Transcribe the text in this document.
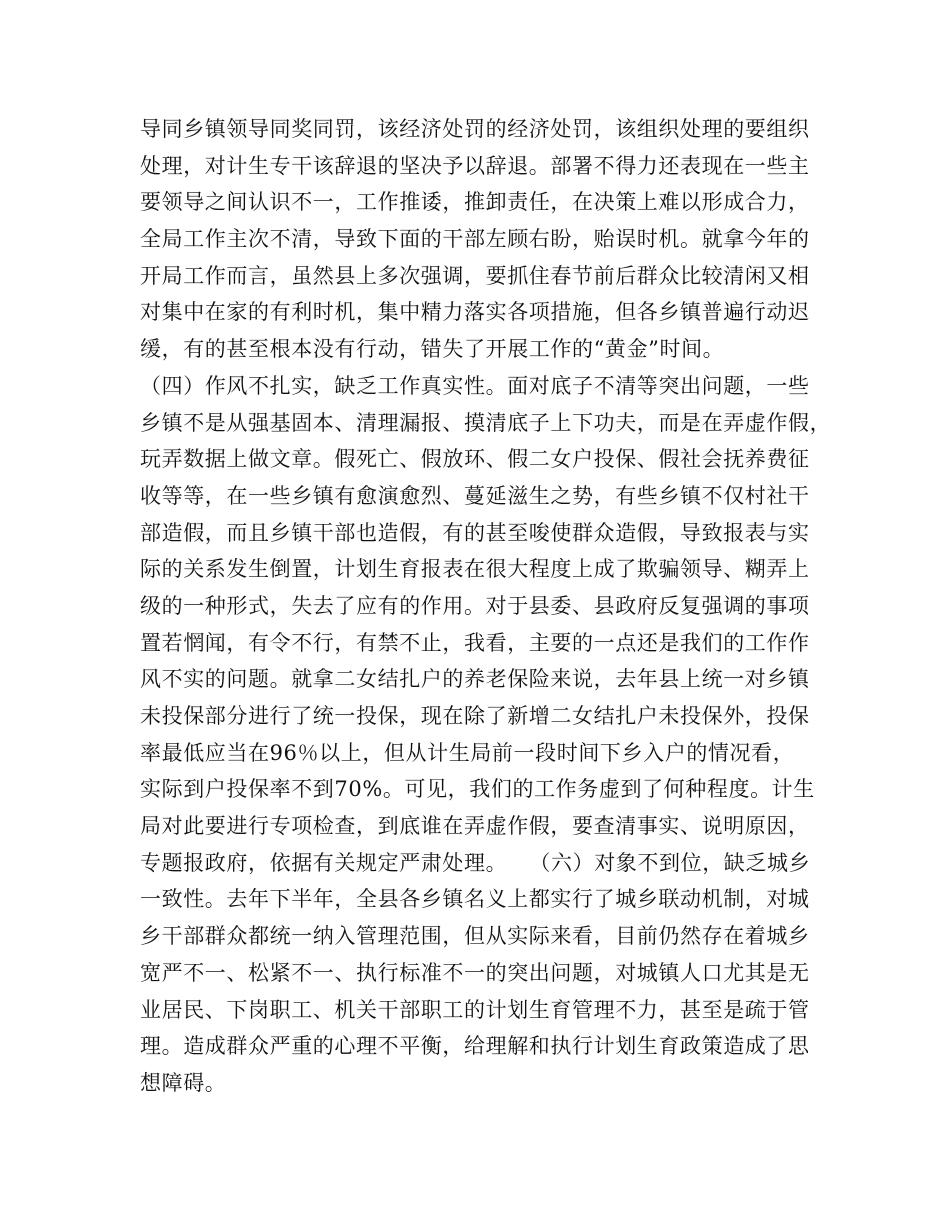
导同乡镇领导同奖同罚，该经济处罚的经济处罚，该组织处理的要组织
处理，对计生专干该辞退的坚决予以辞退。部署不得力还表现在一些主
要领导之间认识不一，工作推诿，推卸责任，在决策上难以形成合力，
全局工作主次不清，导致下面的干部左顾右盼，贻误时机。就拿今年的
开局工作而言，虽然县上多次强调，要抓住春节前后群众比较清闲又相
对集中在家的有利时机，集中精力落实各项措施，但各乡镇普遍行动迟
缓，有的甚至根本没有行动，错失了开展工作的“黄金”时间。
（四）作风不扎实，缺乏工作真实性。面对底子不清等突出问题，一些
乡镇不是从强基固本、清理漏报、摸清底子上下功夫，而是在弄虚作假，
玩弄数据上做文章。假死亡、假放环、假二女户投保、假社会抚养费征
收等等，在一些乡镇有愈演愈烈、蔓延滋生之势，有些乡镇不仅村社干
部造假，而且乡镇干部也造假，有的甚至唆使群众造假，导致报表与实
际的关系发生倒置，计划生育报表在很大程度上成了欺骗领导、糊弄上
级的一种形式，失去了应有的作用。对于县委、县政府反复强调的事项
置若惘闻，有令不行，有禁不止，我看，主要的一点还是我们的工作作
风不实的问题。就拿二女结扎户的养老保险来说，去年县上统一对乡镇
未投保部分进行了统一投保，现在除了新增二女结扎户未投保外，投保
率最低应当在96％以上，但从计生局前一段时间下乡入户的情况看，
实际到户投保率不到70%。可见，我们的工作务虚到了何种程度。计生
局对此要进行专项检查，到底谁在弄虚作假，要查清事实、说明原因，
专题报政府，依据有关规定严肃处理。　　（六）对象不到位，缺乏城乡
一致性。去年下半年，全县各乡镇名义上都实行了城乡联动机制，对城
乡干部群众都统一纳入管理范围，但从实际来看，目前仍然存在着城乡
宽严不一、松紧不一、执行标准不一的突出问题，对城镇人口尤其是无
业居民、下岗职工、机关干部职工的计划生育管理不力，甚至是疏于管
理。造成群众严重的心理不平衡，给理解和执行计划生育政策造成了思
想障碍。
